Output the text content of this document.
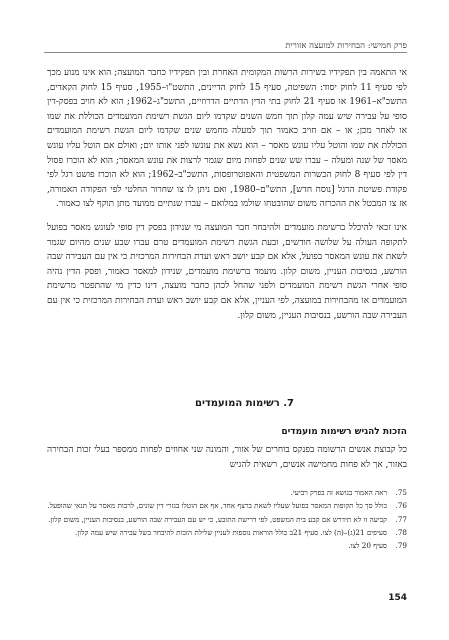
פרק חמישי: הבחירות למועצה אזורית

אי התאמה בין תפקידיו בשירות הרשות המקומית האחרת ובין תפקידיו כחבר המועצה; הוא אינו מנוע מכך לפי סעיף 11 לחוק יסוד: השפיטה, סעיף 15 לחוק הדיינים, התשט"ו–1955, סעיף 15 לחוק הקאדים, התשכ"א–1961 או סעיף 21 לחוק בתי הדין הדתיים הדרוזיים, התשכ"ג–1962; הוא לא חויב בפסק-דין סופי על עבירה שיש עמה קלון תוך חמש השנים שקדמו ליום הגשת רשימת המועמדים הכוללת את שמו או לאחר מכן; או – אם חויב כאמור תוך למעלה מחמש שנים שקדמו ליום הגשת רשימת המועמדים הכוללת את שמו והוטל עליו עונש מאסר – הוא נשא את עונשו לפני אותו יום; ואולם אם הוטל עליו עונש מאסר של שנה ומעלה – עברו שש שנים לפחות מיום שגמר לרצות את עונש המאסר; הוא לא הוכרז פסול דין לפי סעיף 8 לחוק הכשרות המשפטית והאפוטרופסות, התשכ"ב–1962; הוא לא הוכרז פושט רגל לפי פקודת פשיטת הרגל [נוסח חדש], התש"ם–1980, ואם ניתן לו צו שחרור החלטי לפי הפקודה האמורה, אז צו המבטל את ההכרזה משום שהובטחו שולמו במלואם – עברו שנתיים ממועד מתן תוקף לצו כאמור.

אינו זכאי להיכלל ברשימת מועמדים ולהיבחר חבר המועצה מי שנידון בפסק דין סופי לעונש מאסר בפועל לתקופה העולה על שלושה חודשים, ובעת הגשת רשימת המועמדים טרם עברו שבע שנים מהיום שגמר לשאת את עונש המאסר בפועל, אלא אם קבע יושב ראש ועדת הבחירות המרכזית כי אין עם העבירה שבה הורשע, בנסיבות העניין, משום קלון. מועמד ברשימת מועמדים, שנידון למאסר כאמור, ופסק הדין נהיה סופי אחרי הגשת רשימת המועמדים ולפני שהחל לכהן כחבר מועצה, דינו כדין מי שהתפטר מרשימת המועמדים או מהבחירות במועצה, לפי העניין, אלא אם קבע יושב ראש ועדת הבחירות המרכזית כי אין עם העבירה שבה הורשע, בנסיבות העניין, משום קלון.

7. רשימות המועמדים
הזכות להגיש רשימות מועמדים
כל קבוצת אנשים הרשומה בפנקס בוחרים של אזור, והמונה שני אחוזים לפחות ממספר בעלי זכות הבחירה באזור, אך לא פחות מחמישה אנשים, רשאית להגיש
75.
ראה האמור בנושא זה בפרק רביעי.
76.
כולל סך כל תקופות המאסר בפועל שעליו לשאת ברצף אחד, אף אם הוטלו בגזרי דין שונים, לרבות מאסר על תנאי שהופעל.
77.
קביעה זו לא תידרש אם קבע בית המשפט, לפי דרישת התובע, כי יש עם העבירה שבה הורשע, בנסיבות העניין, משום קלון.
78.
סעיפים 21(ג)–(ה) לצו. סעיף 21ב כולל הוראות נוספות לעניין שלילת הזכות להיבחר בשל עבירה שיש עמה קלון.
79.
סעיף 20 לצו.
154
